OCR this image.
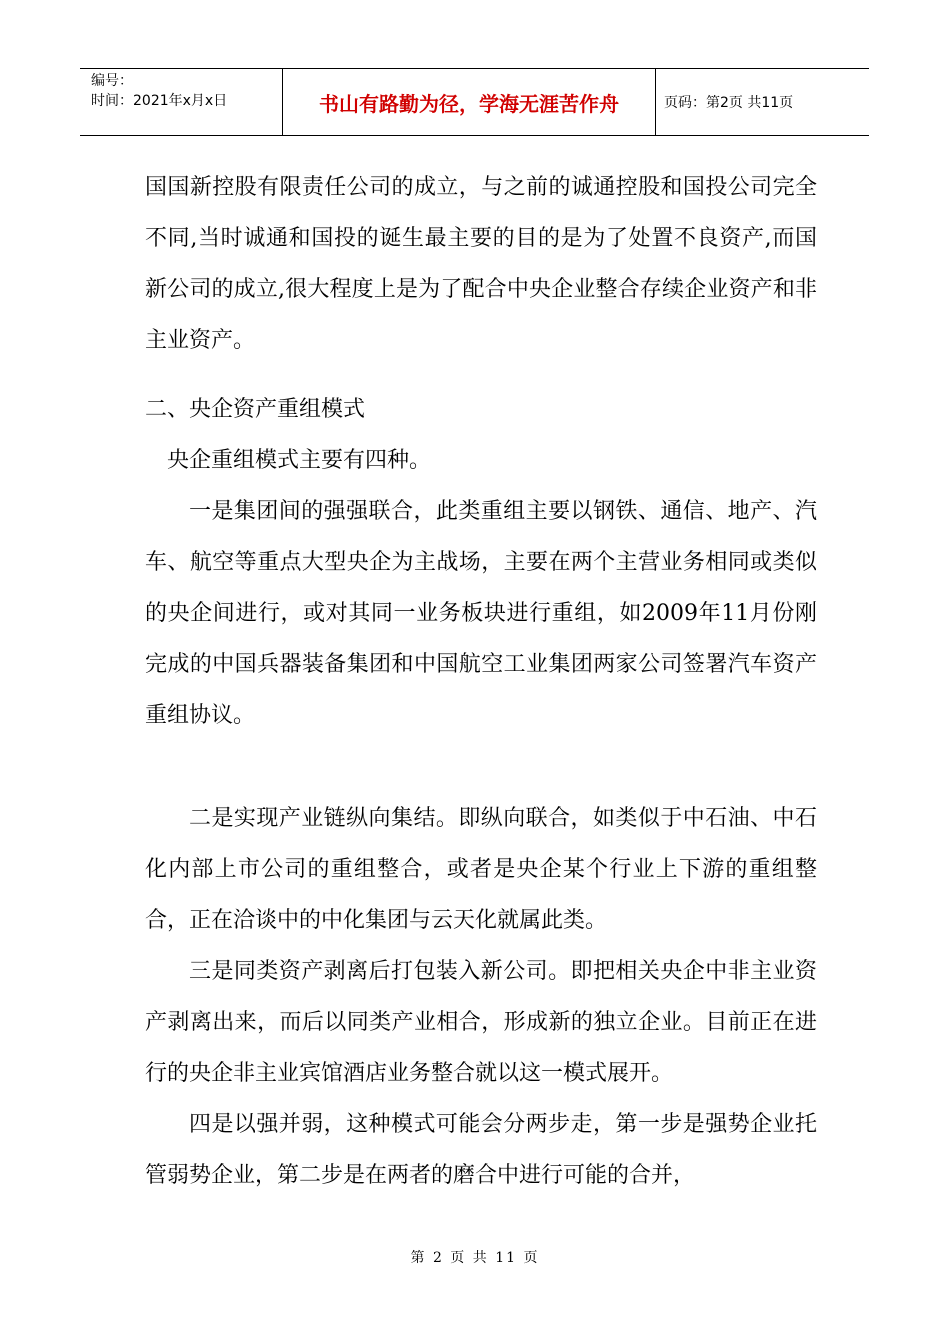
编号：
时间：2021年x月x日	书山有路勤为径，学海无涯苦作舟	页码：第2页 共11页

国国新控股有限责任公司的成立，与之前的诚通控股和国投公司完全不同,当时诚通和国投的诞生最主要的目的是为了处置不良资产,而国新公司的成立,很大程度上是为了配合中央企业整合存续企业资产和非主业资产。

二、央企资产重组模式

央企重组模式主要有四种。

一是集团间的强强联合，此类重组主要以钢铁、通信、地产、汽车、航空等重点大型央企为主战场，主要在两个主营业务相同或类似的央企间进行，或对其同一业务板块进行重组，如2009年11月份刚完成的中国兵器装备集团和中国航空工业集团两家公司签署汽车资产重组协议。

二是实现产业链纵向集结。即纵向联合，如类似于中石油、中石化内部上市公司的重组整合，或者是央企某个行业上下游的重组整合，正在洽谈中的中化集团与云天化就属此类。

三是同类资产剥离后打包装入新公司。即把相关央企中非主业资产剥离出来，而后以同类产业相合，形成新的独立企业。目前正在进行的央企非主业宾馆酒店业务整合就以这一模式展开。

四是以强并弱，这种模式可能会分两步走，第一步是强势企业托管弱势企业，第二步是在两者的磨合中进行可能的合并，

第 2 页 共 11 页
